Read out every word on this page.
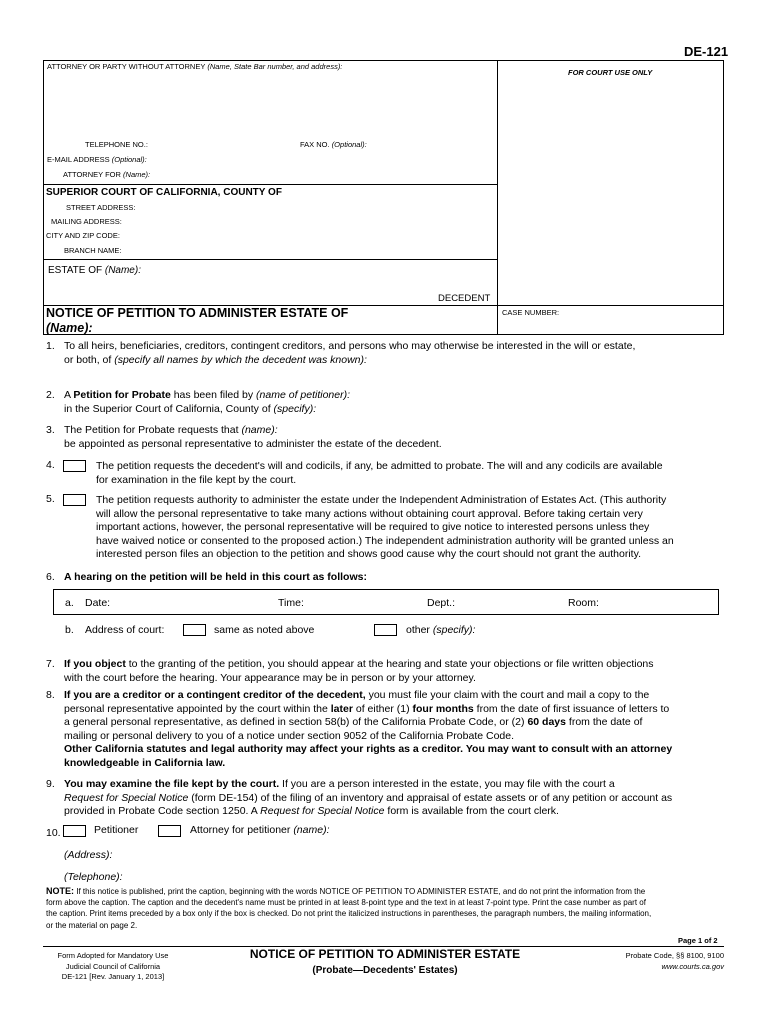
DE-121
ATTORNEY OR PARTY WITHOUT ATTORNEY (Name, State Bar number, and address):
FOR COURT USE ONLY
TELEPHONE NO.:	FAX NO. (Optional):
E-MAIL ADDRESS (Optional):
ATTORNEY FOR (Name):
SUPERIOR COURT OF CALIFORNIA, COUNTY OF
STREET ADDRESS:
MAILING ADDRESS:
CITY AND ZIP CODE:
BRANCH NAME:
ESTATE OF (Name):
DECEDENT
NOTICE OF PETITION TO ADMINISTER ESTATE OF
(Name):
CASE NUMBER:
1. To all heirs, beneficiaries, creditors, contingent creditors, and persons who may otherwise be interested in the will or estate,

or both, of (specify all names by which the decedent was known):

2. A Petition for Probate has been filed by (name of petitioner):

in the Superior Court of California, County of (specify):

3. The Petition for Probate requests that (name):

be appointed as personal representative to administer the estate of the decedent.

4.	The petition requests the decedent's will and codicils, if any, be admitted to probate. The will and any codicils are available

for examination in the file kept by the court.

5.	The petition requests authority to administer the estate under the Independent Administration of Estates Act. (This authority

will allow the personal representative to take many actions without obtaining court approval. Before taking certain very

important actions, however, the personal representative will be required to give notice to interested persons unless they

have waived notice or consented to the proposed action.) The independent administration authority will be granted unless an

interested person files an objection to the petition and shows good cause why the court should not grant the authority.

6. A hearing on the petition will be held in this court as follows:
a. Date:	Time:	Dept.:	Room:
b. Address of court:	same as noted above	other (specify):
7. If you object to the granting of the petition, you should appear at the hearing and state your objections or file written objections

with the court before the hearing. Your appearance may be in person or by your attorney.

8. If you are a creditor or a contingent creditor of the decedent, you must file your claim with the court and mail a copy to the

personal representative appointed by the court within the later of either (1) four months from the date of first issuance of letters to

a general personal representative, as defined in section 58(b) of the California Probate Code, or (2) 60 days from the date of

mailing or personal delivery to you of a notice under section 9052 of the California Probate Code.

Other California statutes and legal authority may affect your rights as a creditor. You may want to consult with an attorney

knowledgeable in California law.

9. You may examine the file kept by the court. If you are a person interested in the estate, you may file with the court a

Request for Special Notice (form DE-154) of the filing of an inventory and appraisal of estate assets or of any petition or account as

provided in Probate Code section 1250. A Request for Special Notice form is available from the court clerk.

10.	Petitioner	Attorney for petitioner (name):
(Address):
(Telephone):

NOTE: If this notice is published, print the caption, beginning with the words NOTICE OF PETITION TO ADMINISTER ESTATE, and do not print the information from the

form above the caption. The caption and the decedent's name must be printed in at least 8-point type and the text in at least 7-point type. Print the case number as part of

the caption. Print items preceded by a box only if the box is checked. Do not print the italicized instructions in parentheses, the paragraph numbers, the mailing information,

or the material on page 2.

Page 1 of 2

Form Adopted for Mandatory Use

Judicial Council of California

DE-121 [Rev. January 1, 2013]

NOTICE OF PETITION TO ADMINISTER ESTATE
(Probate—Decedents' Estates)

Probate Code, §§ 8100, 9100

www.courts.ca.gov
